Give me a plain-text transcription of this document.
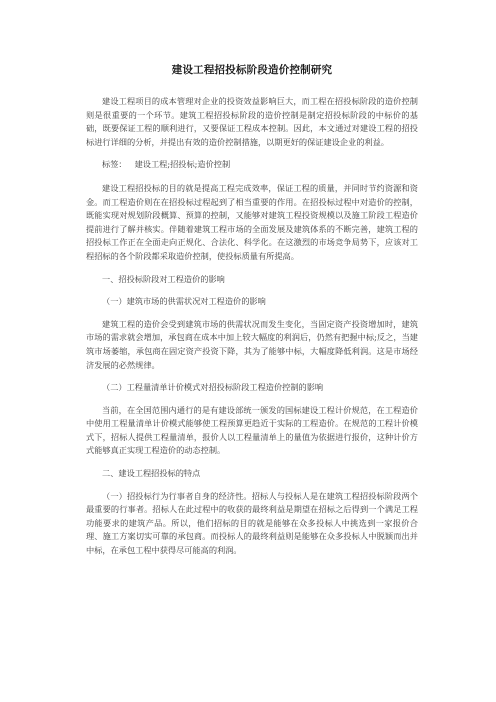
建设工程招投标阶段造价控制研究

建设工程项目的成本管理对企业的投资效益影响巨大，而工程在招投标阶段的造价控制则是很重要的一个环节。建筑工程招投标阶段的造价控制是制定招投标阶段的中标价的基础，既要保证工程的顺利进行，又要保证工程成本控制。因此，本文通过对建设工程的招投标进行详细的分析，并提出有效的造价控制措施，以期更好的保证建设企业的利益。

标签： 建设工程;招投标;造价控制

建设工程招投标的目的就是提高工程完成效率，保证工程的质量，并同时节约资源和资金。而工程造价则在在招投标过程起到了相当重要的作用。在招投标过程中对造价的控制，既能实现对规划阶段概算、预算的控制，又能够对建筑工程投资规模以及施工阶段工程造价提前进行了解并核实。伴随着建筑工程市场的全面发展及建筑体系的不断完善，建筑工程的招投标工作正在全面走向正规化、合法化、科学化。在这激烈的市场竞争局势下，应该对工程招标的各个阶段都采取造价控制，使投标质量有所提高。

一、招投标阶段对工程造价的影响

（一）建筑市场的供需状况对工程造价的影响

建筑工程的造价会受到建筑市场的供需状况而发生变化，当固定资产投资增加时，建筑市场的需求就会增加，承包商在成本中加上较大幅度的利润后，仍然有把握中标;反之，当建筑市场萎缩，承包商在固定资产投资下降，其为了能够中标，大幅度降低利润。这是市场经济发展的必然规律。

（二）工程量清单计价模式对招投标阶段工程造价控制的影响

当前，在全国范围内通行的是有建设部统一颁发的国标建设工程计价规范，在工程造价中使用工程量清单计价模式能够使工程预算更趋近于实际的工程造价。在规范的工程计价模式下，招标人提供工程量清单，报价人以工程量清单上的量值为依据进行报价，这种计价方式能够真正实现工程造价的动态控制。

二、建设工程招投标的特点

（一）招投标行为行事者自身的经济性。招标人与投标人是在建筑工程招投标阶段两个最重要的行事者。招标人在此过程中的收获的最终利益是期望在招标之后得到一个满足工程功能要求的建筑产品。所以，他们招标的目的就是能够在众多投标人中挑选到一家报价合理、施工方案切实可靠的承包商。而投标人的最终利益则是能够在众多投标人中脱颖而出并中标，在承包工程中获得尽可能高的利润。
